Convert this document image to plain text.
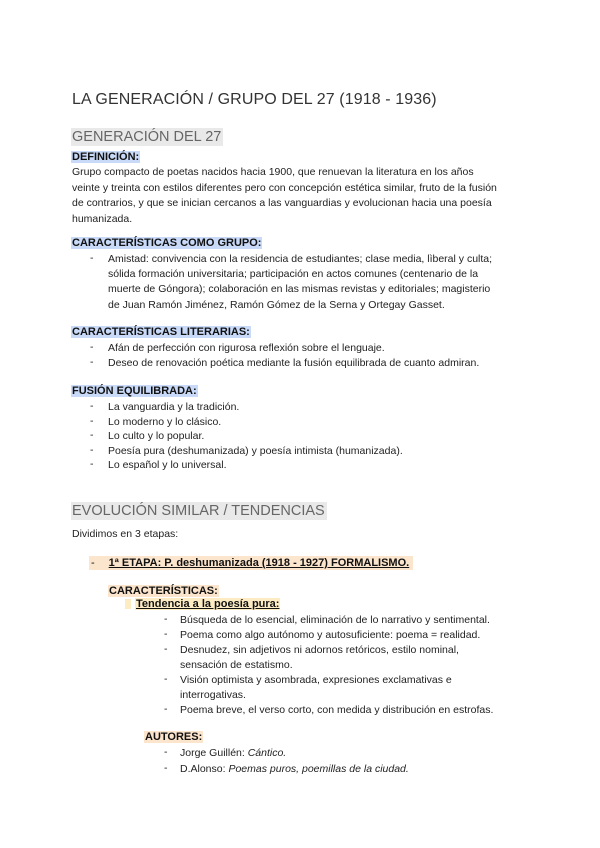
LA GENERACIÓN / GRUPO DEL 27 (1918 - 1936)
GENERACIÓN DEL 27
DEFINICIÓN:
Grupo compacto de poetas nacidos hacia 1900, que renuevan la literatura en los años
veinte y treinta con estilos diferentes pero con concepción estética similar, fruto de la fusión
de contrarios, y que se inician cercanos a las vanguardias y evolucionan hacia una poesía
humanizada.
CARACTERÍSTICAS COMO GRUPO:
- Amistad: convivencia con la residencia de estudiantes; clase media, lìberal y culta;
sólida formación universitaria; participación en actos comunes (centenario de la
muerte de Góngora); colaboración en las mismas revistas y editoriales; magisterio
de Juan Ramón Jiménez, Ramón Gómez de la Serna y Ortegay Gasset.
CARACTERÍSTICAS LITERARIAS:
- Afán de perfección con rigurosa reflexión sobre el lenguaje.
- Deseo de renovación poética mediante la fusión equilibrada de cuanto admiran.
FUSIÓN EQUILIBRADA:
- La vanguardia y la tradición.
- Lo moderno y lo clásico.
- Lo culto y lo popular.
- Poesía pura (deshumanizada) y poesía intimista (humanizada).
- Lo español y lo universal.
EVOLUCIÓN SIMILAR / TENDENCIAS
Dividimos en 3 etapas:
- 1ª ETAPA: P. deshumanizada (1918 - 1927) FORMALISMO.
CARACTERÍSTICAS:
Tendencia a la poesía pura:
- Búsqueda de lo esencial, eliminación de lo narrativo y sentimental.
- Poema como algo autónomo y autosuficiente: poema = realidad.
- Desnudez, sin adjetivos ni adornos retóricos, estilo nominal,
sensación de estatismo.
- Visión optimista y asombrada, expresiones exclamativas e
interrogativas.
- Poema breve, el verso corto, con medida y distribución en estrofas.
AUTORES:
- Jorge Guillén: Cántico.
- D.Alonso: Poemas puros, poemillas de la ciudad.
